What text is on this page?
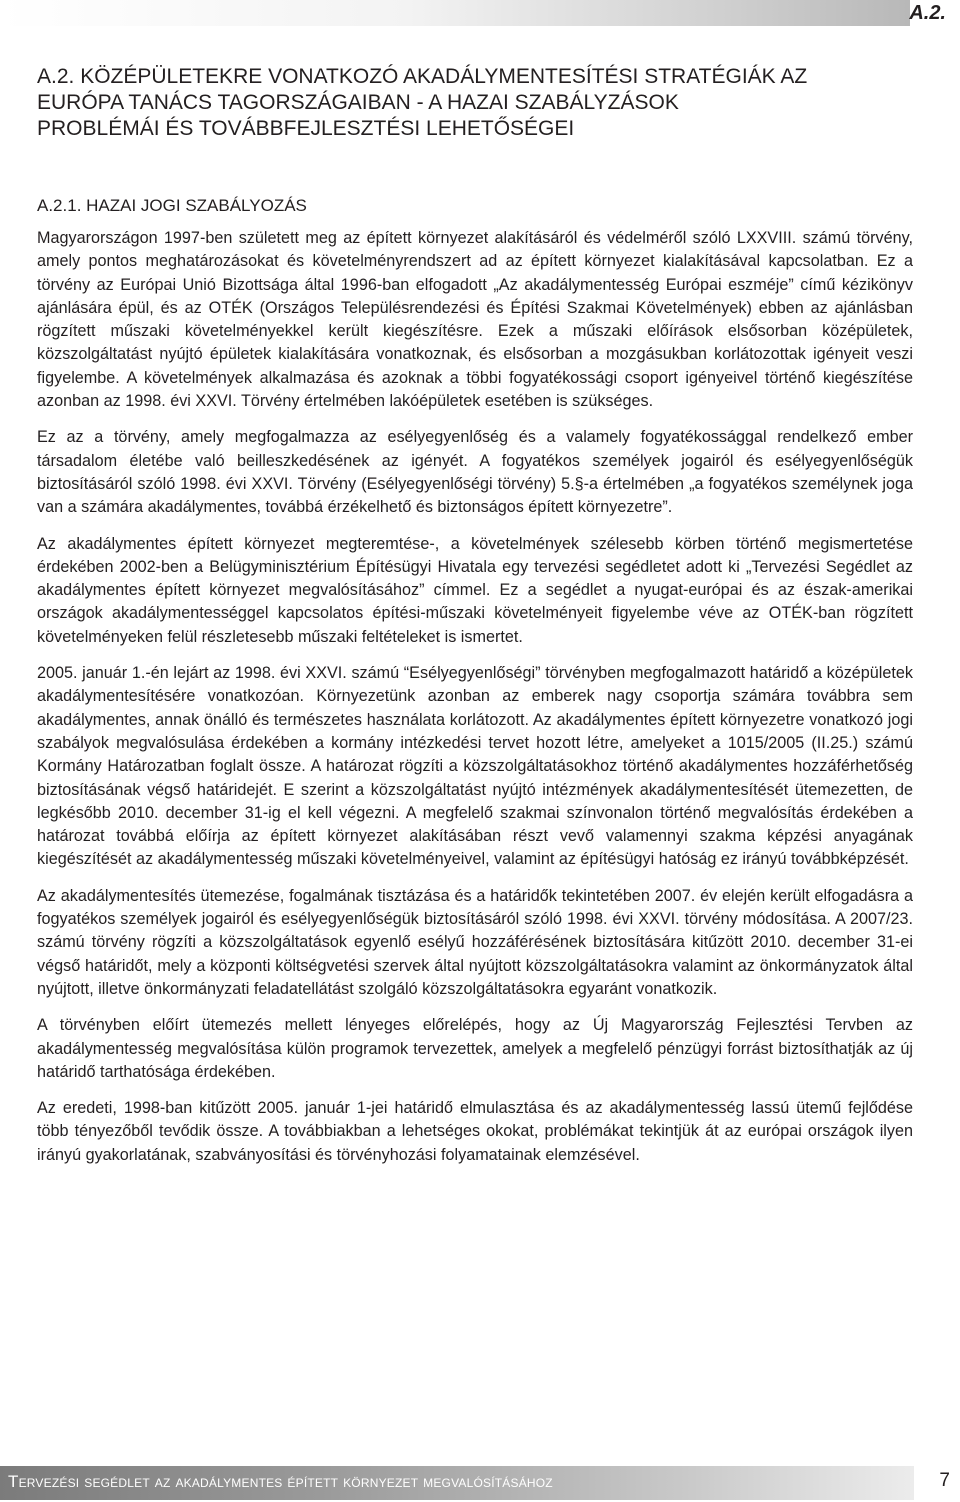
A.2.
A.2. KÖZÉPÜLETEKRE VONATKOZÓ AKADÁLYMENTESÍTÉSI STRATÉGIÁK AZ
EURÓPA TANÁCS TAGORSZÁGAIBAN - A HAZAI SZABÁLYZÁSOK
PROBLÉMÁI ÉS TOVÁBBFEJLESZTÉSI LEHETŐSÉGEI
A.2.1. HAZAI JOGI SZABÁLYOZÁS

Magyarországon 1997-ben született meg az épített környezet alakításáról és védelméről szóló LXXVIII. számú törvény, amely pontos meghatározásokat és követelményrendszert ad az épített környezet kialakításával kapcsolatban. Ez a törvény az Európai Unió Bizottsága által 1996-ban elfogadott „Az akadálymentesség Európai eszméje” című kézikönyv ajánlására épül, és az OTÉK (Országos Településrendezési és Építési Szakmai Követelmények) ebben az ajánlásban rögzített műszaki követelményekkel került kiegészítésre. Ezek a műszaki előírások elsősorban középületek, közszolgáltatást nyújtó épületek kialakítására vonatkoznak, és elsősorban a mozgásukban korlátozottak igényeit veszi figyelembe. A követelmények alkalmazása és azoknak a többi fogyatékossági csoport igényeivel történő kiegészítése azonban az 1998. évi XXVI. Törvény értelmében lakóépületek esetében is szükséges.

Ez az a törvény, amely megfogalmazza az esélyegyenlőség és a valamely fogyatékossággal rendelkező ember társadalom életébe való beilleszkedésének az igényét. A fogyatékos személyek jogairól és esélyegyenlőségük biztosításáról szóló 1998. évi XXVI. Törvény (Esélyegyenlőségi törvény) 5.§-a értelmében „a fogyatékos személynek joga van a számára akadálymentes, továbbá érzékelhető és biztonságos épített környezetre”.

Az akadálymentes épített környezet megteremtése-, a követelmények szélesebb körben történő megismertetése érdekében 2002-ben a Belügyminisztérium Építésügyi Hivatala egy tervezési segédletet adott ki „Tervezési Segédlet az akadálymentes épített környezet megvalósításához” címmel. Ez a segédlet a nyugat-európai és az észak-amerikai országok akadálymentességgel kapcsolatos építési-műszaki követelményeit figyelembe véve az OTÉK-ban rögzített követelményeken felül részletesebb műszaki feltételeket is ismertet.

2005. január 1.-én lejárt az 1998. évi XXVI. számú “Esélyegyenlőségi” törvényben megfogalmazott határidő a középületek akadálymentesítésére vonatkozóan. Környezetünk azonban az emberek nagy csoportja számára továbbra sem akadálymentes, annak önálló és természetes használata korlátozott. Az akadálymentes épített környezetre vonatkozó jogi szabályok megvalósulása érdekében a kormány intézkedési tervet hozott létre, amelyeket a 1015/2005 (II.25.) számú Kormány Határozatban foglalt össze. A határozat rögzíti a közszolgáltatásokhoz történő akadálymentes hozzáférhetőség biztosításának végső határidejét. E szerint a közszolgáltatást nyújtó intézmények akadálymentesítését ütemezetten, de legkésőbb 2010. december 31-ig el kell végezni. A megfelelő szakmai színvonalon történő megvalósítás érdekében a határozat továbbá előírja az épített környezet alakításában részt vevő valamennyi szakma képzési anyagának kiegészítését az akadálymentesség műszaki követelményeivel, valamint az építésügyi hatóság ez irányú továbbképzését.

Az akadálymentesítés ütemezése, fogalmának tisztázása és a határidők tekintetében 2007. év elején került elfogadásra a fogyatékos személyek jogairól és esélyegyenlőségük biztosításáról szóló 1998. évi XXVI. törvény módosítása. A 2007/23. számú törvény rögzíti a közszolgáltatások egyenlő esélyű hozzáférésének biztosítására kitűzött 2010. december 31-ei végső határidőt, mely a központi költségvetési szervek által nyújtott közszolgáltatásokra valamint az önkormányzatok által nyújtott, illetve önkormányzati feladatellátást szolgáló közszolgáltatásokra egyaránt vonatkozik.

A törvényben előírt ütemezés mellett lényeges előrelépés, hogy az Új Magyarország Fejlesztési Tervben az akadálymentesség megvalósítása külön programok tervezettek, amelyek a megfelelő pénzügyi forrást biztosíthatják az új határidő tarthatósága érdekében.

Az eredeti, 1998-ban kitűzött 2005. január 1-jei határidő elmulasztása és az akadálymentesség lassú ütemű fejlődése több tényezőből tevődik össze. A továbbiakban a lehetséges okokat, problémákat tekintjük át az európai országok ilyen irányú gyakorlatának, szabványosítási és törvényhozási folyamatainak elemzésével.

Tervezési segédlet az akadálymentes épített környezet megvalósításához	7
